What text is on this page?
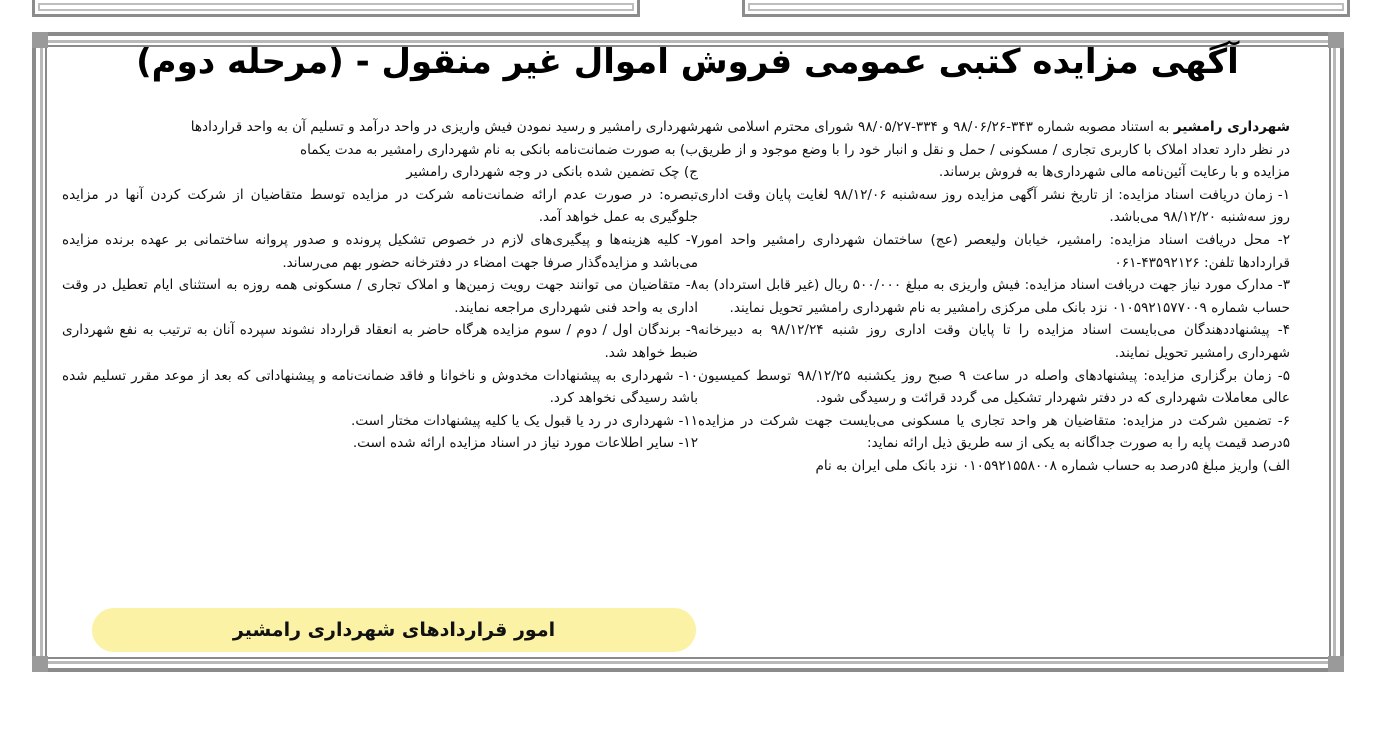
آگهی مزایده کتبی عمومی فروش اموال غیر منقول - (مرحله دوم)

شهرداری رامشیر به استناد مصوبه شماره ۳۴۳-۹۸/۰۶/۲۶ و ۳۳۴-۹۸/۰۵/۲۷ شورای محترم اسلامی شهر در نظر دارد تعداد املاک با کاربری تجاری / مسکونی / حمل و نقل و انبار خود را با وضع موجود و از طریق مزایده و با رعایت آئین‌نامه مالی شهرداری‌ها به فروش برساند.

۱- زمان دریافت اسناد مزایده: از تاریخ نشر آگهی مزایده روز سه‌شنبه ۹۸/۱۲/۰۶ لغایت پایان وقت اداری روز سه‌شنبه ۹۸/۱۲/۲۰ می‌باشد.

۲- محل دریافت اسناد مزایده: رامشیر، خیابان ولیعصر (عج) ساختمان شهرداری رامشیر واحد امور قراردادها تلفن: ۴۳۵۹۲۱۲۶-۰۶۱

۳- مدارک مورد نیاز جهت دریافت اسناد مزایده: فیش واریزی به مبلغ ۵۰۰/۰۰۰ ریال (غیر قابل استرداد) به حساب شماره ۰۱۰۵۹۲۱۵۷۷۰۰۹ نزد بانک ملی مرکزی رامشیر به نام شهرداری رامشیر تحویل نمایند.

۴- پیشنهاددهندگان می‌بایست اسناد مزایده را تا پایان وقت اداری روز شنبه ۹۸/۱۲/۲۴ به دبیرخانه شهرداری رامشیر تحویل نمایند.

۵- زمان برگزاری مزایده: پیشنهادهای واصله در ساعت ۹ صبح روز یکشنبه ۹۸/۱۲/۲۵ توسط کمیسیون عالی معاملات شهرداری که در دفتر شهردار تشکیل می گردد قرائت و رسیدگی شود.

۶- تضمین شرکت در مزایده: متقاضیان هر واحد تجاری یا مسکونی می‌بایست جهت شرکت در مزایده ۵درصد قیمت پایه را به صورت جداگانه به یکی از سه طریق ذیل ارائه نماید:

الف) واریز مبلغ ۵درصد به حساب شماره ۰۱۰۵۹۲۱۵۵۸۰۰۸ نزد بانک ملی ایران به نام

شهرداری رامشیر و رسید نمودن فیش واریزی در واحد درآمد و تسلیم آن به واحد قراردادها

ب) به صورت ضمانت‌نامه بانکی به نام شهرداری رامشیر به مدت یکماه

ج) چک تضمین شده بانکی در وجه شهرداری رامشیر

تبصره: در صورت عدم ارائه ضمانت‌نامه شرکت در مزایده توسط متقاضیان از شرکت کردن آنها در مزایده جلوگیری به عمل خواهد آمد.

۷- کلیه هزینه‌ها و پیگیری‌های لازم در خصوص تشکیل پرونده و صدور پروانه ساختمانی بر عهده برنده مزایده می‌باشد و مزایده‌گذار صرفا جهت امضاء در دفترخانه حضور بهم می‌رساند.

۸- متقاضیان می توانند جهت رویت زمین‌ها و املاک تجاری / مسکونی همه روزه به استثنای ایام تعطیل در وقت اداری به واحد فنی شهرداری مراجعه نمایند.

۹- برندگان اول / دوم / سوم مزایده هرگاه حاضر به انعقاد قرارداد نشوند سپرده آنان به ترتیب به نفع شهرداری ضبط خواهد شد.

۱۰- شهرداری به پیشنهادات مخدوش و ناخوانا و فاقد ضمانت‌نامه و پیشنهاداتی که بعد از موعد مقرر تسلیم شده باشد رسیدگی نخواهد کرد.

۱۱- شهرداری در رد یا قبول یک یا کلیه پیشنهادات مختار است.

۱۲- سایر اطلاعات مورد نیاز در اسناد مزایده ارائه شده است.

امور قراردادهای شهرداری رامشیر
